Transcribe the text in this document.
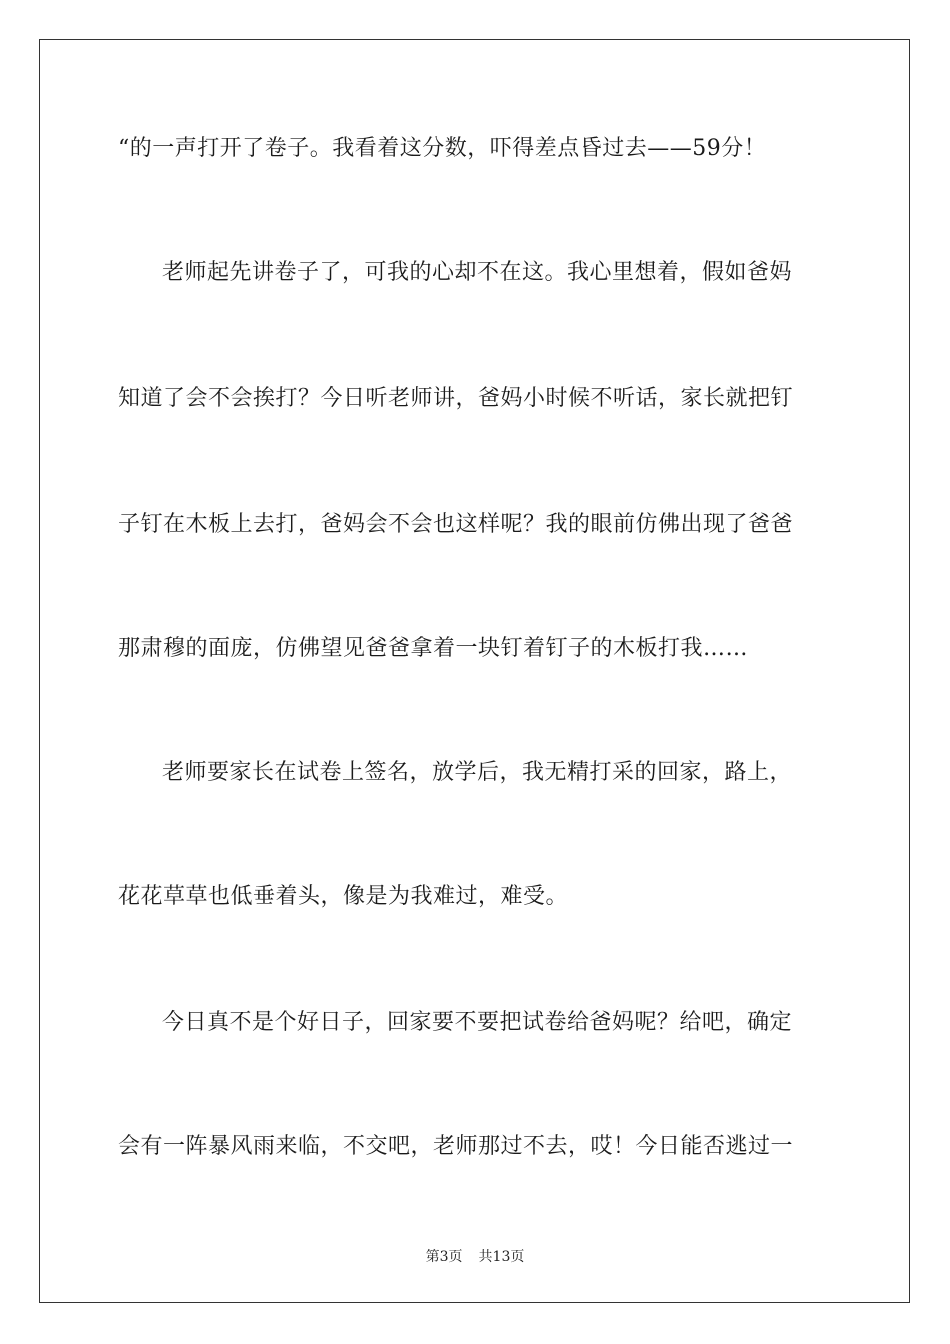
“的一声打开了卷子。我看着这分数，吓得差点昏过去——59分！
老师起先讲卷子了，可我的心却不在这。我心里想着，假如爸妈
知道了会不会挨打？今日听老师讲，爸妈小时候不听话，家长就把钉
子钉在木板上去打，爸妈会不会也这样呢？我的眼前仿佛出现了爸爸
那肃穆的面庞，仿佛望见爸爸拿着一块钉着钉子的木板打我……
老师要家长在试卷上签名，放学后，我无精打采的回家，路上，
花花草草也低垂着头，像是为我难过，难受。
今日真不是个好日子，回家要不要把试卷给爸妈呢？给吧，确定
会有一阵暴风雨来临，不交吧，老师那过不去，哎！今日能否逃过一
第3页 共13页
